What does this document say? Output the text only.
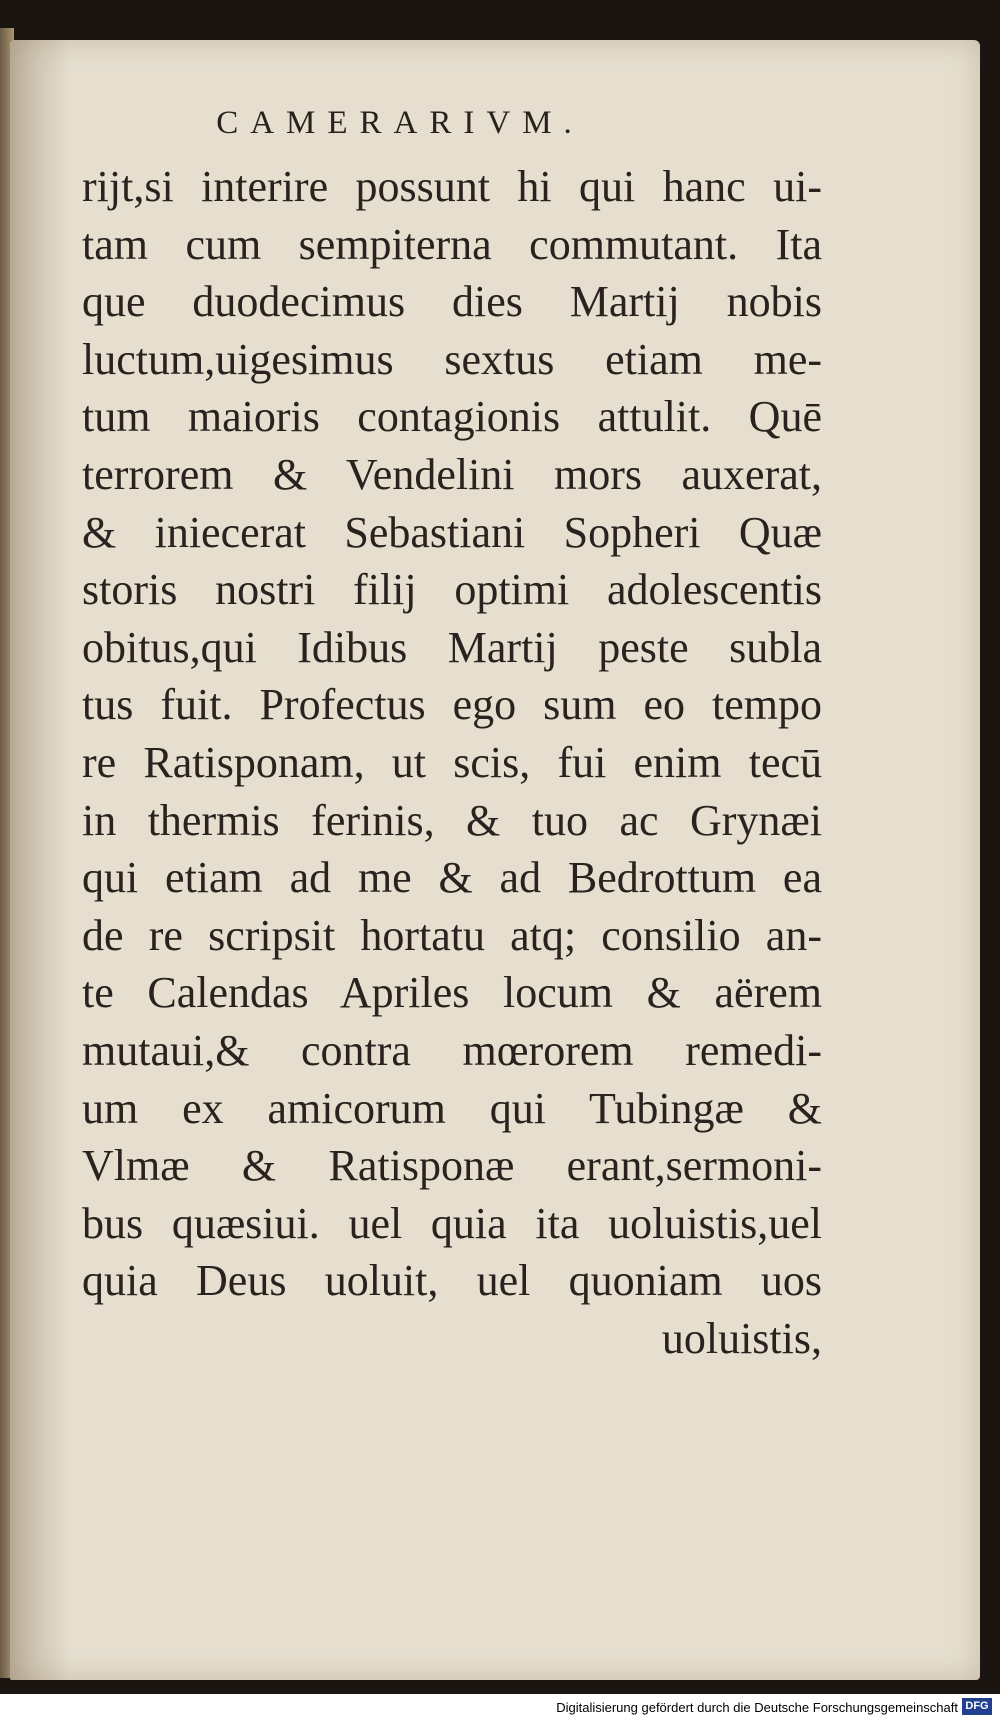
CAMERARIVM.
rijt,si interire possunt hi qui hanc ui-
tam cum sempiterna commutant. Ita
que duodecimus dies Martij nobis
luctum,uigesimus sextus etiam me-
tum maioris contagionis attulit. Quē
terrorem & Vendelini mors auxerat,
& iniecerat Sebastiani Sopheri Quæ
storis nostri filij optimi adolescentis
obitus,qui Idibus Martij peste subla
tus fuit. Profectus ego sum eo tempo
re Ratisponam, ut scis, fui enim tecū
in thermis ferinis, & tuo ac Grynæi
qui etiam ad me & ad Bedrottum ea
de re scripsit hortatu atq; consilio an-
te Calendas Apriles locum & aërem
mutaui,& contra mœrorem remedi-
um ex amicorum qui Tubingæ &
Vlmæ & Ratisponæ erant,sermoni-
bus quæsiui. uel quia ita uoluistis,uel
quia Deus uoluit, uel quoniam uos
uoluistis,
Digitalisierung gefördert durch die Deutsche Forschungsgemeinschaft DFG
